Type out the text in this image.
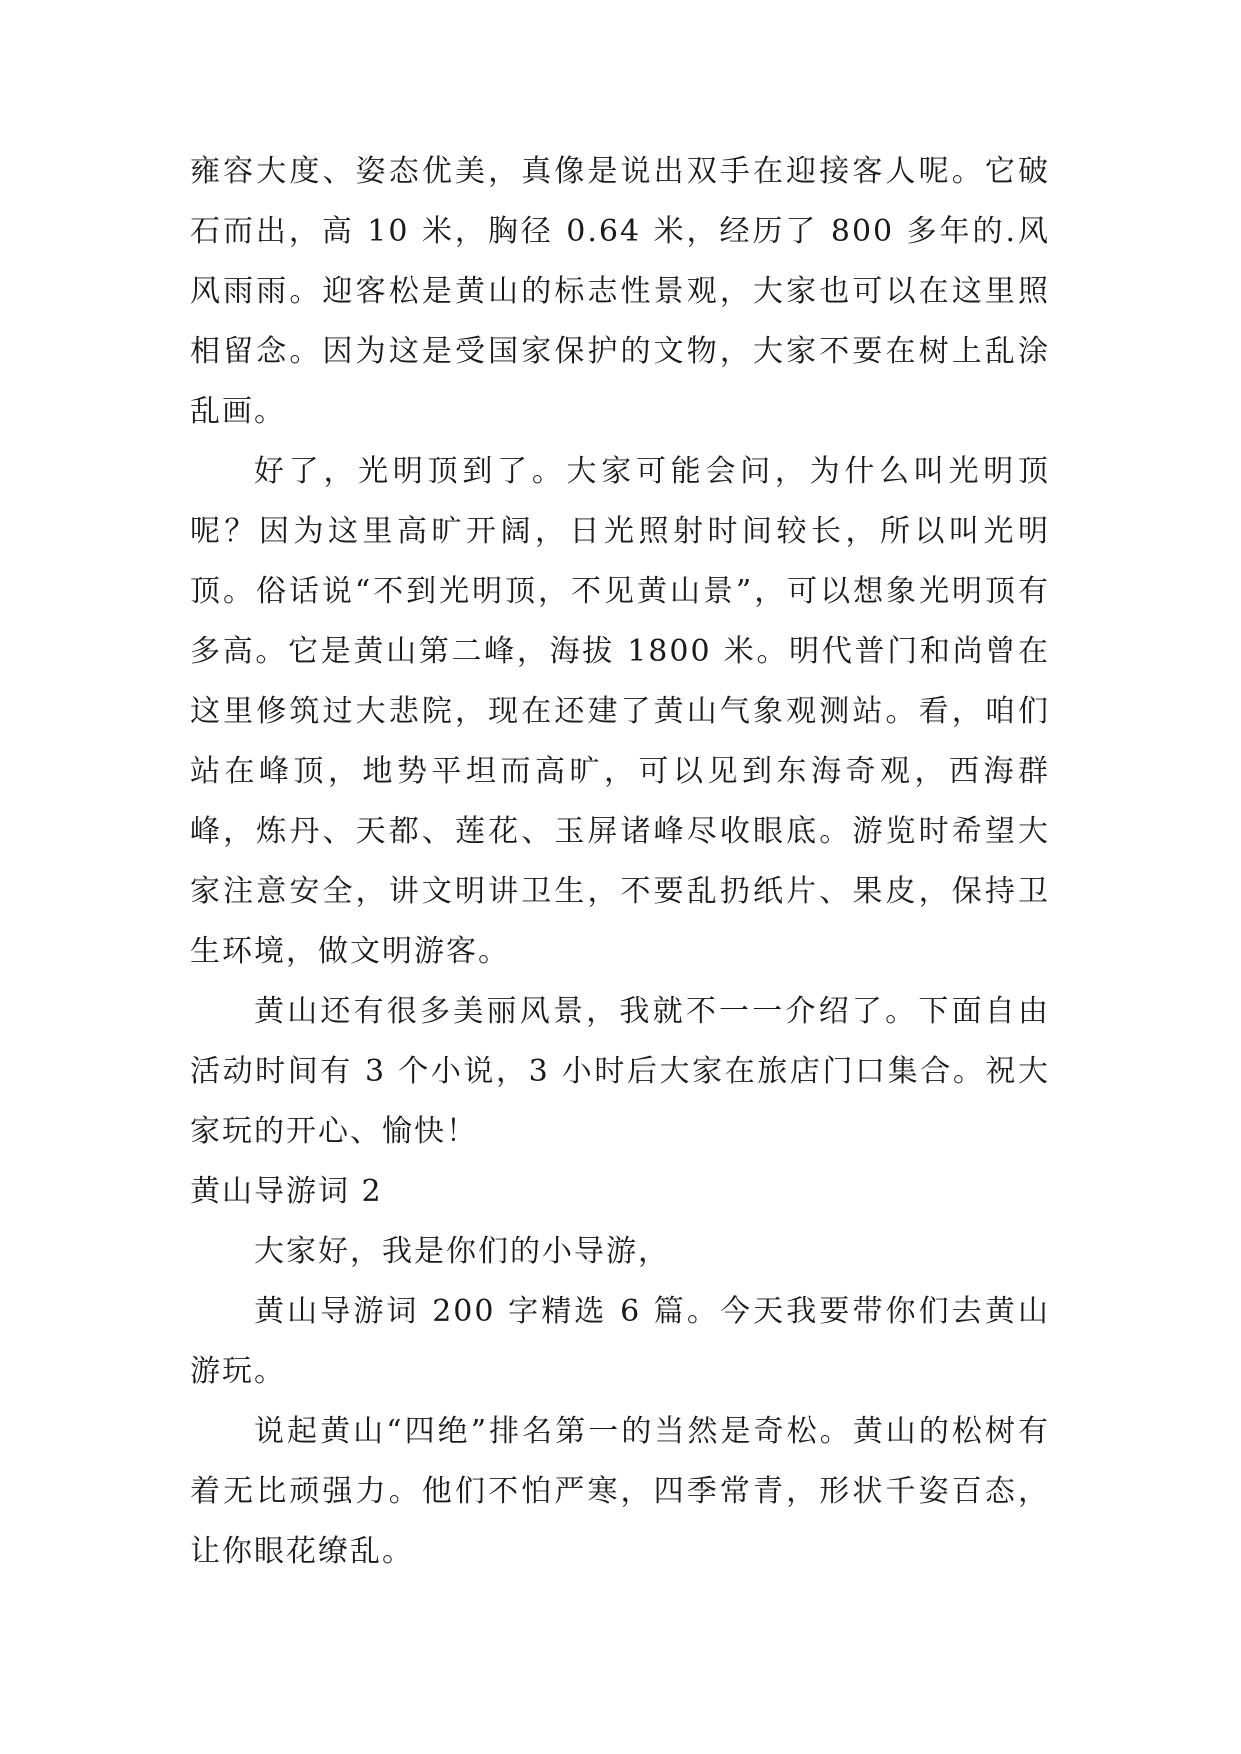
雍容大度、姿态优美，真像是说出双手在迎接客人呢。它破石而出，高 10 米，胸径 0.64 米，经历了 800 多年的.风风雨雨。迎客松是黄山的标志性景观，大家也可以在这里照相留念。因为这是受国家保护的文物，大家不要在树上乱涂乱画。

好了，光明顶到了。大家可能会问，为什么叫光明顶呢？因为这里高旷开阔，日光照射时间较长，所以叫光明顶。俗话说“不到光明顶，不见黄山景”，可以想象光明顶有多高。它是黄山第二峰，海拔 1800 米。明代普门和尚曾在这里修筑过大悲院，现在还建了黄山气象观测站。看，咱们站在峰顶，地势平坦而高旷，可以见到东海奇观，西海群峰，炼丹、天都、莲花、玉屏诸峰尽收眼底。游览时希望大家注意安全，讲文明讲卫生，不要乱扔纸片、果皮，保持卫生环境，做文明游客。

黄山还有很多美丽风景，我就不一一介绍了。下面自由活动时间有 3 个小说，3 小时后大家在旅店门口集合。祝大家玩的开心、愉快！

黄山导游词 2

大家好，我是你们的小导游，

黄山导游词 200 字精选 6 篇。今天我要带你们去黄山游玩。

说起黄山“四绝”排名第一的当然是奇松。黄山的松树有着无比顽强力。他们不怕严寒，四季常青，形状千姿百态，让你眼花缭乱。
